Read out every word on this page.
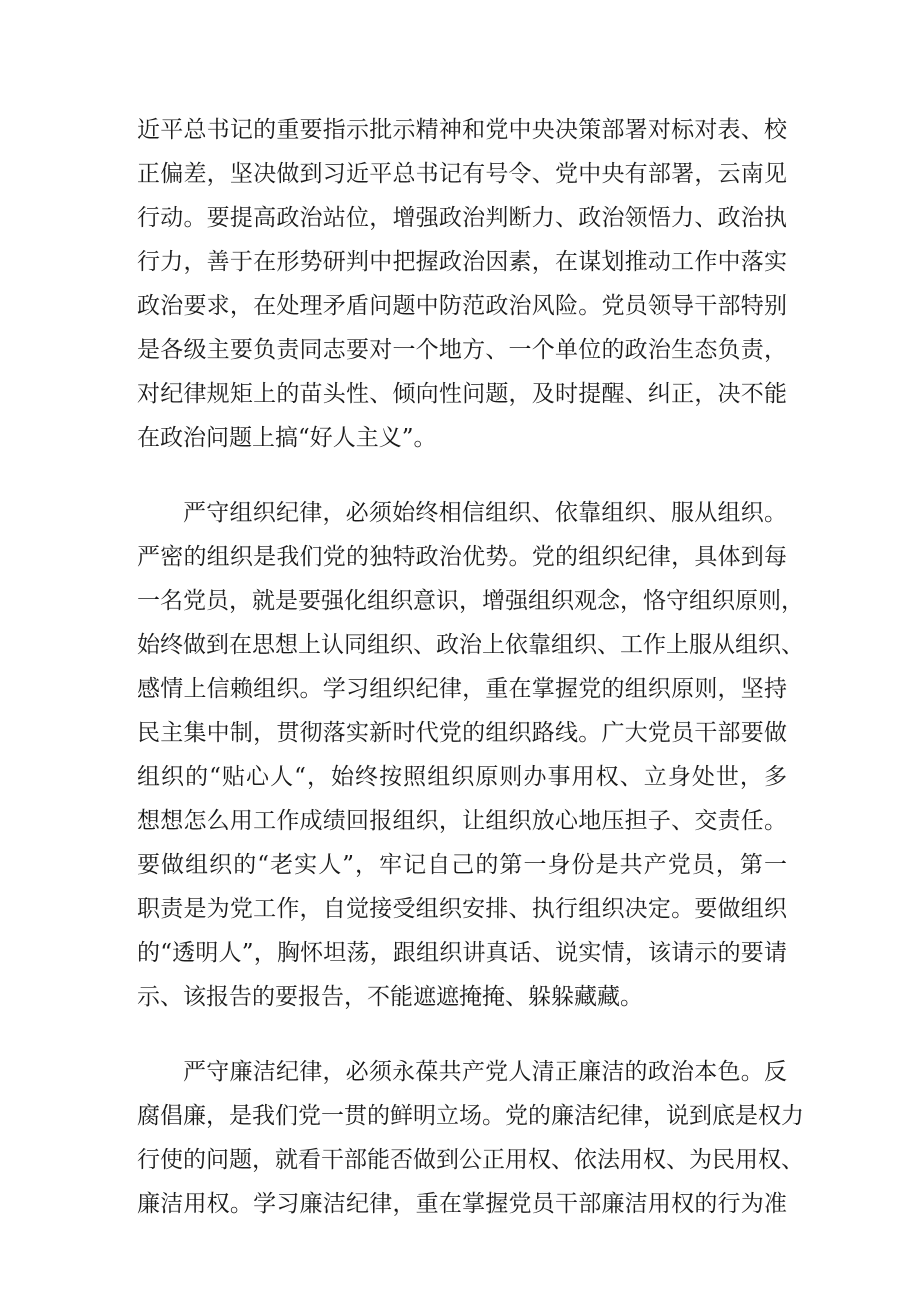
近平总书记的重要指示批示精神和党中央决策部署对标对表、校
正偏差，坚决做到习近平总书记有号令、党中央有部署，云南见
行动。要提高政治站位，增强政治判断力、政治领悟力、政治执
行力，善于在形势研判中把握政治因素，在谋划推动工作中落实
政治要求，在处理矛盾问题中防范政治风险。党员领导干部特别
是各级主要负责同志要对一个地方、一个单位的政治生态负责，
对纪律规矩上的苗头性、倾向性问题，及时提醒、纠正，决不能
在政治问题上搞“好人主义”。
严守组织纪律，必须始终相信组织、依靠组织、服从组织。
严密的组织是我们党的独特政治优势。党的组织纪律，具体到每
一名党员，就是要强化组织意识，增强组织观念，恪守组织原则，
始终做到在思想上认同组织、政治上依靠组织、工作上服从组织、
感情上信赖组织。学习组织纪律，重在掌握党的组织原则，坚持
民主集中制，贯彻落实新时代党的组织路线。广大党员干部要做
组织的“贴心人“，始终按照组织原则办事用权、立身处世，多
想想怎么用工作成绩回报组织，让组织放心地压担子、交责任。
要做组织的“老实人”，牢记自己的第一身份是共产党员，第一
职责是为党工作，自觉接受组织安排、执行组织决定。要做组织
的“透明人”，胸怀坦荡，跟组织讲真话、说实情，该请示的要请
示、该报告的要报告，不能遮遮掩掩、躲躲藏藏。
严守廉洁纪律，必须永葆共产党人清正廉洁的政治本色。反
腐倡廉，是我们党一贯的鲜明立场。党的廉洁纪律，说到底是权力
行使的问题，就看干部能否做到公正用权、依法用权、为民用权、
廉洁用权。学习廉洁纪律，重在掌握党员干部廉洁用权的行为准
